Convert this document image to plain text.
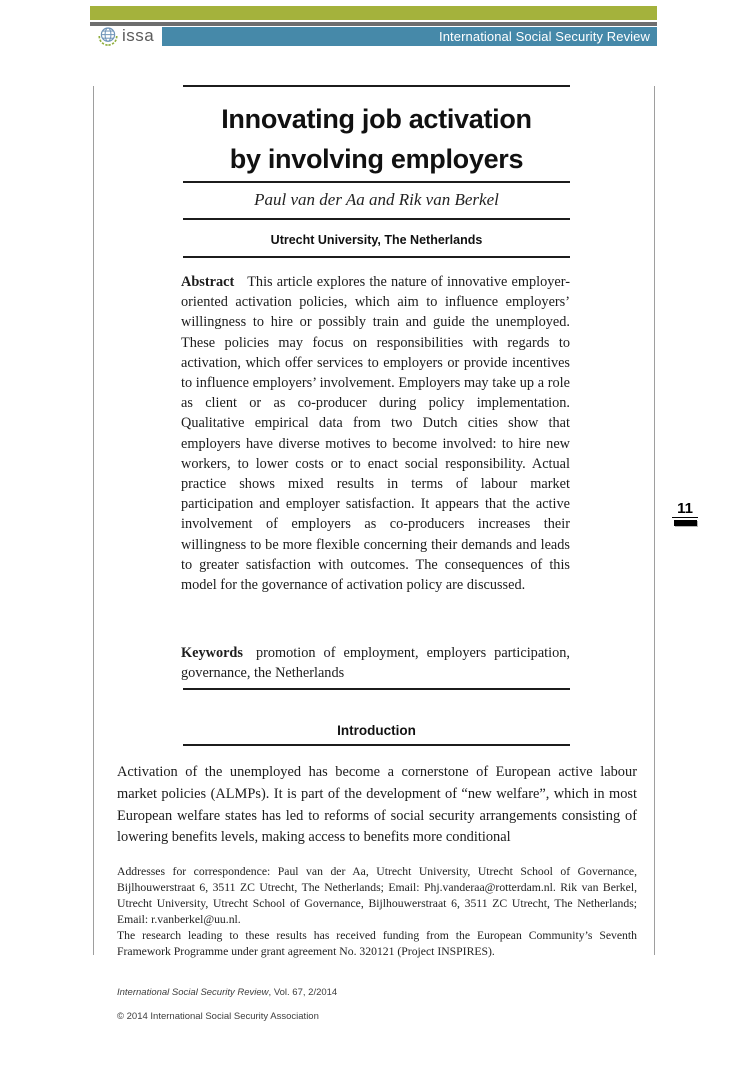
issa	International Social Security Review
Innovating job activation
by involving employers
Paul van der Aa and Rik van Berkel
Utrecht University, The Netherlands

Abstract This article explores the nature of innovative employer-oriented activation policies, which aim to influence employers’ willingness to hire or possibly train and guide the unemployed. These policies may focus on responsibilities with regards to activation, which offer services to employers or provide incentives to influence employers’ involvement. Employers may take up a role as client or as co-producer during policy implementation. Qualitative empirical data from two Dutch cities show that employers have diverse motives to become involved: to hire new workers, to lower costs or to enact social responsibility. Actual practice shows mixed results in terms of labour market participation and employer satisfaction. It appears that the active involvement of employers as co-producers increases their willingness to be more flexible concerning their demands and leads to greater satisfaction with outcomes. The consequences of this model for the governance of activation policy are discussed.

Keywords promotion of employment, employers participation, governance, the Netherlands

Introduction

Activation of the unemployed has become a cornerstone of European active labour market policies (ALMPs). It is part of the development of “new welfare”, which in most European welfare states has led to reforms of social security arrangements consisting of lowering benefits levels, making access to benefits more conditional

Addresses for correspondence: Paul van der Aa, Utrecht University, Utrecht School of Governance, Bijlhouwerstraat 6, 3511 ZC Utrecht, The Netherlands; Email: Phj.vanderaa@rotterdam.nl. Rik van Berkel, Utrecht University, Utrecht School of Governance, Bijlhouwerstraat 6, 3511 ZC Utrecht, The Netherlands; Email: r.vanberkel@uu.nl.

The research leading to these results has received funding from the European Community’s Seventh Framework Programme under grant agreement No. 320121 (Project INSPIRES).

11

International Social Security Review, Vol. 67, 2/2014

© 2014 International Social Security Association
